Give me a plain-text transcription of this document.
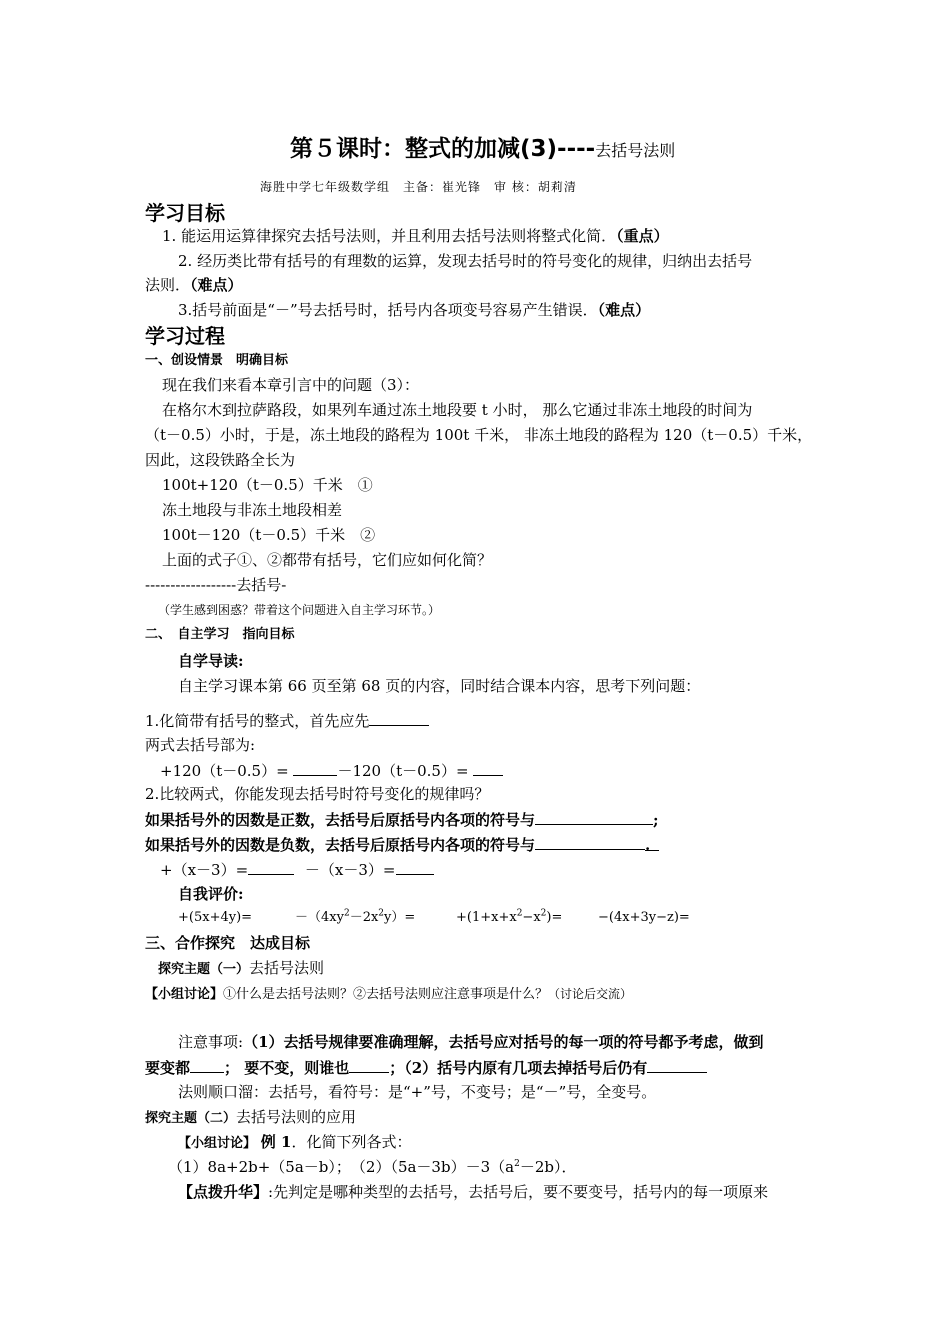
第５课时：整式的加减(3)----去括号法则
海胜中学七年级数学组　主备：崔光锋　审 核：胡莉清
学习目标
1. 能运用运算律探究去括号法则，并且利用去括号法则将整式化简．（重点）
2. 经历类比带有括号的有理数的运算，发现去括号时的符号变化的规律，归纳出去括号
法则．（难点）
3.括号前面是“－”号去括号时，括号内各项变号容易产生错误．（难点）
学习过程
一、创设情景　明确目标
现在我们来看本章引言中的问题（3）：
在格尔木到拉萨路段，如果列车通过冻土地段要 t 小时， 那么它通过非冻土地段的时间为
（t－0.5）小时，于是，冻土地段的路程为 100t 千米， 非冻土地段的路程为 120（t－0.5）千米，
因此，这段铁路全长为
100t+120（t－0.5）千米　①
冻土地段与非冻土地段相差
100t－120（t－0.5）千米　②
上面的式子①、②都带有括号，它们应如何化简？
------------------去括号-
（学生感到困惑？带着这个问题进入自主学习环节。）
二、　自主学习　指向目标
自学导读:
自主学习课本第 66 页至第 68 页的内容，同时结合课本内容，思考下列问题：
1.化简带有括号的整式，首先应先
两式去括号部为:
+120（t－0.5）=	－120（t－0.5）=
2.比较两式，你能发现去括号时符号变化的规律吗？
如果括号外的因数是正数，去括号后原括号内各项的符号与	;
如果括号外的因数是负数，去括号后原括号内各项的符号与	.
+（x－3）=	－（x－3）=
自我评价:
+(5x+4y)=	$-(4xy^2-2x^2y)=$	$+(1+x+x^2-x^2)=$	−(4x+3y−z)=
三、合作探究　达成目标
探究主题（一）去括号法则
【小组讨论】①什么是去括号法则？②去括号法则应注意事项是什么？（讨论后交流）
注意事项:（1）去括号规律要准确理解，去括号应对括号的每一项的符号都予考虑，做到
要变都 ； 要不变，则谁也	；（2）括号内原有几项去掉括号后仍有
法则顺口溜：去括号，看符号：是“+”号，不变号；是“－”号，全变号。
探究主题（二）去括号法则的应用
【小组讨论】 例 1．化简下列各式：
（1）8a+2b+（5a－b）；　$(2)(5a-3b)-3(a^2-2b)$．
【点拨升华】:先判定是哪种类型的去括号，去括号后，要不要变号，括号内的每一项原来
